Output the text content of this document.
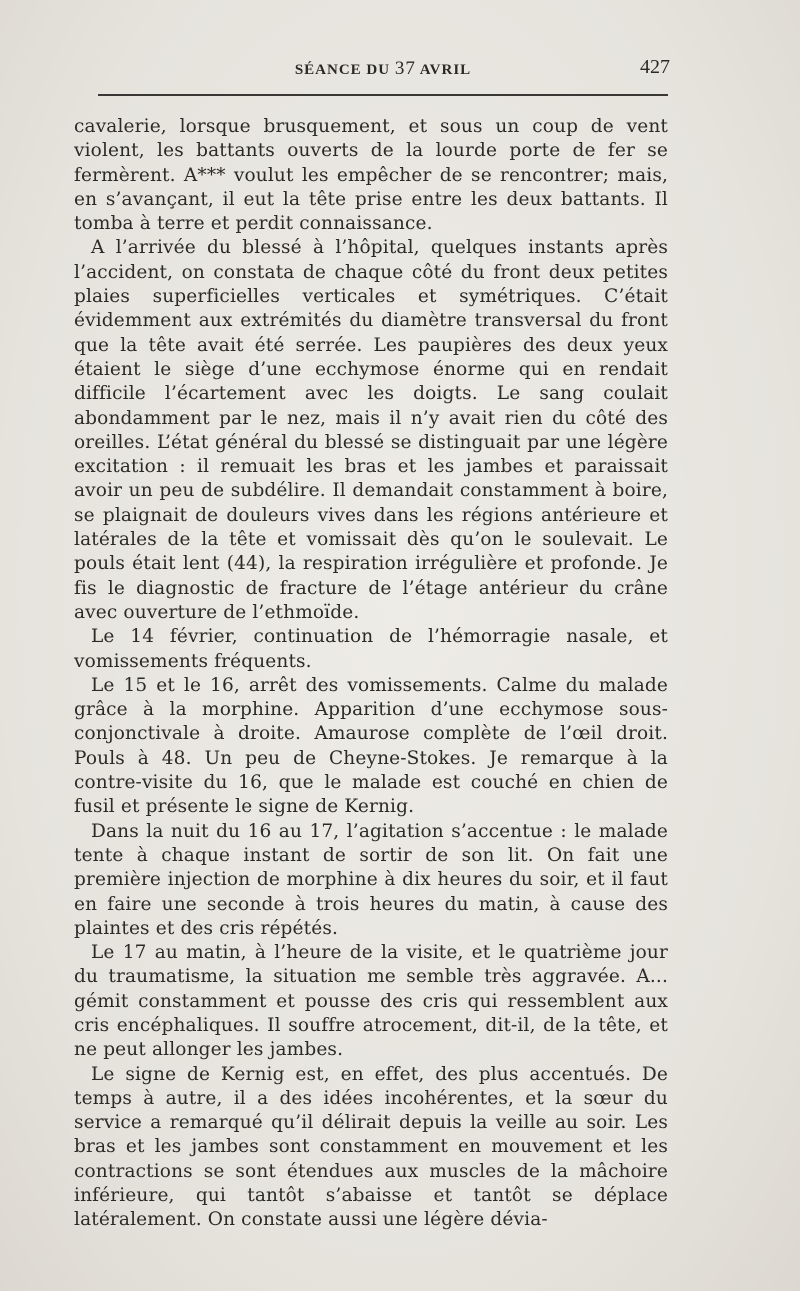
SÉANCE DU 37 AVRIL	427

cavalerie, lorsque brusquement, et sous un coup de vent violent, les battants ouverts de la lourde porte de fer se fermèrent. A*** voulut les empêcher de se rencontrer; mais, en s’avançant, il eut la tête prise entre les deux battants. Il tomba à terre et perdit connaissance.

A l’arrivée du blessé à l’hôpital, quelques instants après l’accident, on constata de chaque côté du front deux petites plaies superficielles verticales et symétriques. C’était évidemment aux extrémités du diamètre transversal du front que la tête avait été serrée. Les paupières des deux yeux étaient le siège d’une ecchymose énorme qui en rendait difficile l’écartement avec les doigts. Le sang coulait abondamment par le nez, mais il n’y avait rien du côté des oreilles. L’état général du blessé se distinguait par une légère excitation : il remuait les bras et les jambes et paraissait avoir un peu de subdélire. Il demandait constamment à boire, se plaignait de douleurs vives dans les régions antérieure et latérales de la tête et vomissait dès qu’on le soulevait. Le pouls était lent (44), la respiration irrégulière et profonde. Je fis le diagnostic de fracture de l’étage antérieur du crâne avec ouverture de l’ethmoïde.

Le 14 février, continuation de l’hémorragie nasale, et vomissements fréquents.

Le 15 et le 16, arrêt des vomissements. Calme du malade grâce à la morphine. Apparition d’une ecchymose sous-conjonctivale à droite. Amaurose complète de l’œil droit. Pouls à 48. Un peu de Cheyne-Stokes. Je remarque à la contre-visite du 16, que le malade est couché en chien de fusil et présente le signe de Kernig.

Dans la nuit du 16 au 17, l’agitation s’accentue : le malade tente à chaque instant de sortir de son lit. On fait une première injection de morphine à dix heures du soir, et il faut en faire une seconde à trois heures du matin, à cause des plaintes et des cris répétés.

Le 17 au matin, à l’heure de la visite, et le quatrième jour du traumatisme, la situation me semble très aggravée. A... gémit constamment et pousse des cris qui ressemblent aux cris encéphaliques. Il souffre atrocement, dit-il, de la tête, et ne peut allonger les jambes.

Le signe de Kernig est, en effet, des plus accentués. De temps à autre, il a des idées incohérentes, et la sœur du service a remarqué qu’il délirait depuis la veille au soir. Les bras et les jambes sont constamment en mouvement et les contractions se sont étendues aux muscles de la mâchoire inférieure, qui tantôt s’abaisse et tantôt se déplace latéralement. On constate aussi une légère dévia-
